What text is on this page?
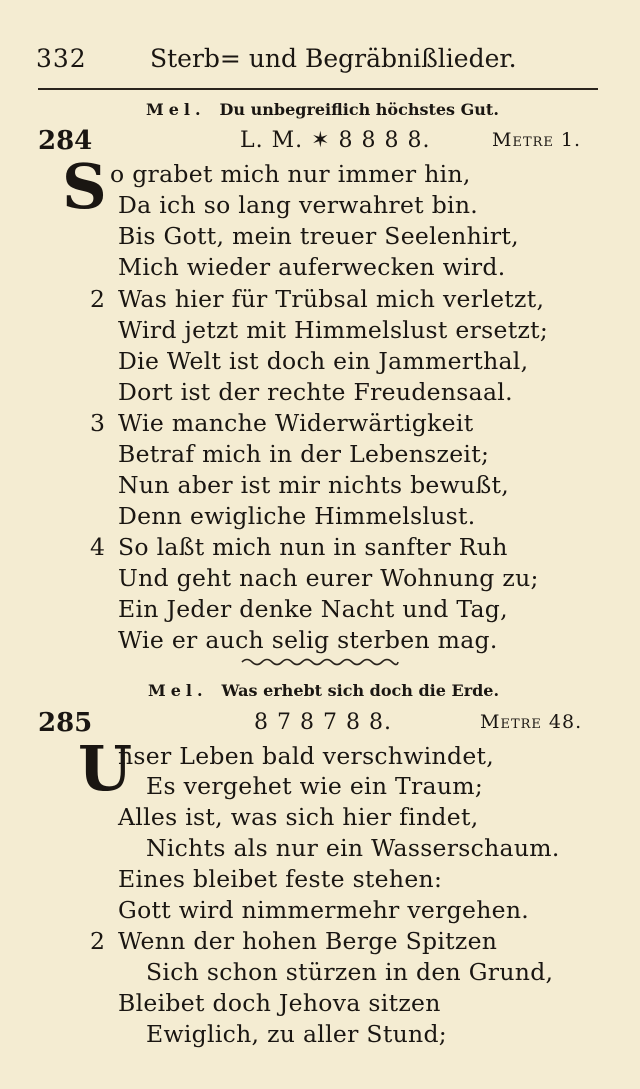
332	Sterb= und Begräbnißlieder.
Mel. Du unbegreiflich höchstes Gut.
284	L. M. ✶ 8 8 8 8.	Metre 1.
S o grabet mich nur immer hin,
Da ich so lang verwahret bin.
Bis Gott, mein treuer Seelenhirt,
Mich wieder auferwecken wird.
2 Was hier für Trübsal mich verletzt,
Wird jetzt mit Himmelslust ersetzt;
Die Welt ist doch ein Jammerthal,
Dort ist der rechte Freudensaal.
3 Wie manche Widerwärtigkeit
Betraf mich in der Lebenszeit;
Nun aber ist mir nichts bewußt,
Denn ewigliche Himmelslust.
4 So laßt mich nun in sanfter Ruh
Und geht nach eurer Wohnung zu;
Ein Jeder denke Nacht und Tag,
Wie er auch selig sterben mag.
Mel. Was erhebt sich doch die Erde.
285	8 7 8 7 8 8.	Metre 48.
U
nser Leben bald verschwindet,
Es vergehet wie ein Traum;
Alles ist, was sich hier findet,
Nichts als nur ein Wasserschaum.
Eines bleibet feste stehen:
Gott wird nimmermehr vergehen.
2 Wenn der hohen Berge Spitzen
Sich schon stürzen in den Grund,
Bleibet doch Jehova sitzen
Ewiglich, zu aller Stund;
